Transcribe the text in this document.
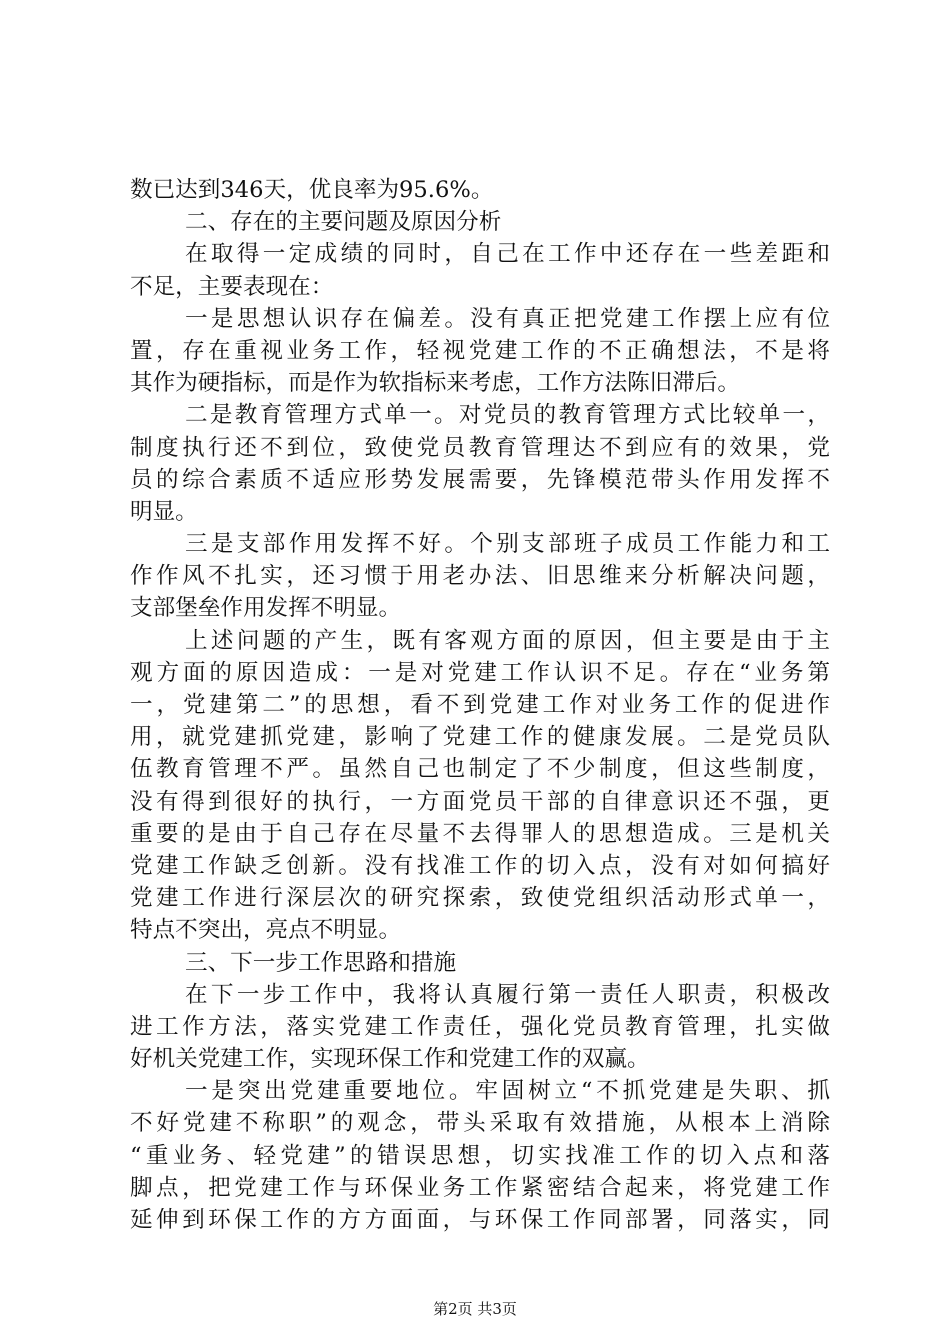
数已达到346天，优良率为95.6%。
二、存在的主要问题及原因分析
在取得一定成绩的同时，自己在工作中还存在一些差距和
不足，主要表现在：
一是思想认识存在偏差。没有真正把党建工作摆上应有位
置，存在重视业务工作，轻视党建工作的不正确想法，不是将
其作为硬指标，而是作为软指标来考虑，工作方法陈旧滞后。
二是教育管理方式单一。对党员的教育管理方式比较单一，
制度执行还不到位，致使党员教育管理达不到应有的效果，党
员的综合素质不适应形势发展需要，先锋模范带头作用发挥不
明显。
三是支部作用发挥不好。个别支部班子成员工作能力和工
作作风不扎实，还习惯于用老办法、旧思维来分析解决问题，
支部堡垒作用发挥不明显。
上述问题的产生，既有客观方面的原因，但主要是由于主
观方面的原因造成：一是对党建工作认识不足。存在“业务第
一，党建第二”的思想，看不到党建工作对业务工作的促进作
用，就党建抓党建，影响了党建工作的健康发展。二是党员队
伍教育管理不严。虽然自己也制定了不少制度，但这些制度，
没有得到很好的执行，一方面党员干部的自律意识还不强，更
重要的是由于自己存在尽量不去得罪人的思想造成。三是机关
党建工作缺乏创新。没有找准工作的切入点，没有对如何搞好
党建工作进行深层次的研究探索，致使党组织活动形式单一，
特点不突出，亮点不明显。
三、下一步工作思路和措施
在下一步工作中，我将认真履行第一责任人职责，积极改
进工作方法，落实党建工作责任，强化党员教育管理，扎实做
好机关党建工作，实现环保工作和党建工作的双赢。
一是突出党建重要地位。牢固树立“不抓党建是失职、抓
不好党建不称职”的观念，带头采取有效措施，从根本上消除
“重业务、轻党建”的错误思想，切实找准工作的切入点和落
脚点，把党建工作与环保业务工作紧密结合起来，将党建工作
延伸到环保工作的方方面面，与环保工作同部署，同落实，同
第2页 共3页
